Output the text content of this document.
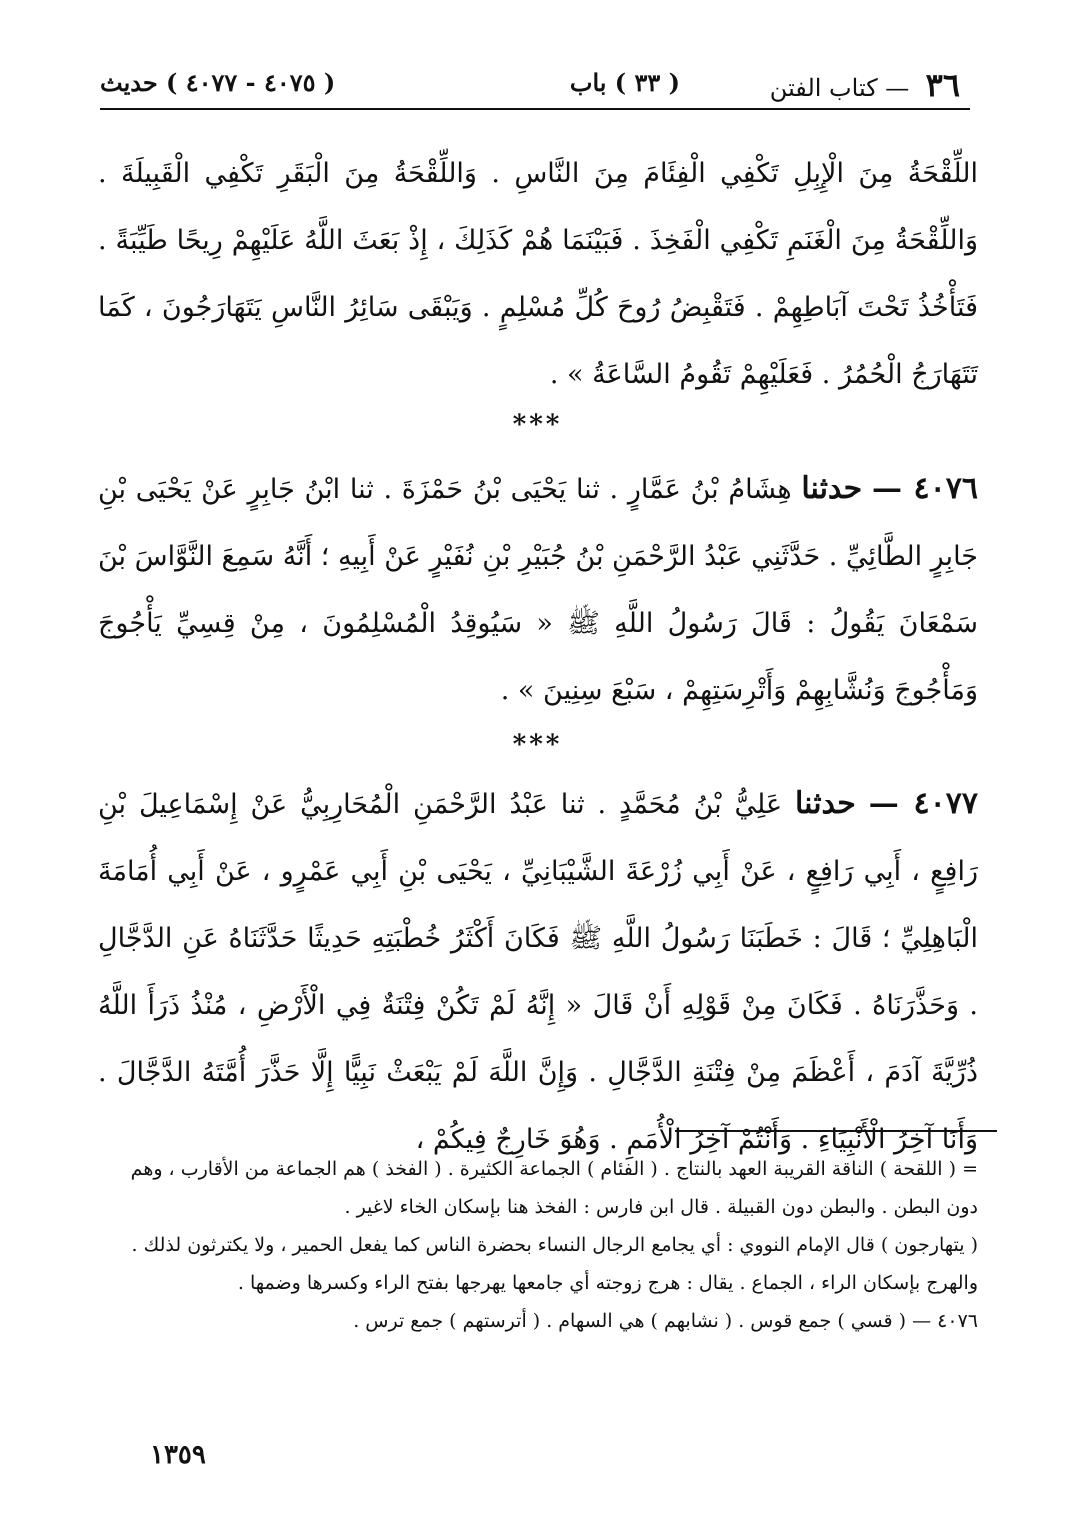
٣٦ — كتاب الفتن
( ٣٣ ) باب
( ٤٠٧٥ - ٤٠٧٧ ) حديث
اللِّقْحَةُ مِنَ الْإِبِلِ تَكْفِي الْفِئَامَ مِنَ النَّاسِ . وَاللِّقْحَةُ مِنَ الْبَقَرِ تَكْفِي الْقَبِيلَةَ . وَاللِّقْحَةُ مِنَ الْغَنَمِ تَكْفِي الْفَخِذَ . فَبَيْنَمَا هُمْ كَذَلِكَ ، إِذْ بَعَثَ اللَّهُ عَلَيْهِمْ رِيحًا طَيِّبَةً . فَتَأْخُذُ تَحْتَ آبَاطِهِمْ . فَتَقْبِضُ رُوحَ كُلِّ مُسْلِمٍ . وَيَبْقَى سَائِرُ النَّاسِ يَتَهَارَجُونَ ، كَمَا تَتَهَارَجُ الْحُمُرُ . فَعَلَيْهِمْ تَقُومُ السَّاعَةُ » .
***
٤٠٧٦ — حدثنا هِشَامُ بْنُ عَمَّارٍ . ثنا يَحْيَى بْنُ حَمْزَةَ . ثنا ابْنُ جَابِرٍ عَنْ يَحْيَى بْنِ جَابِرٍ الطَّائِيِّ . حَدَّثَنِي عَبْدُ الرَّحْمَنِ بْنُ جُبَيْرِ بْنِ نُفَيْرٍ عَنْ أَبِيهِ ؛ أَنَّهُ سَمِعَ النَّوَّاسَ بْنَ سَمْعَانَ يَقُولُ : قَالَ رَسُولُ اللَّهِ ﷺ « سَيُوقِدُ الْمُسْلِمُونَ ، مِنْ قِسِيِّ يَأْجُوجَ وَمَأْجُوجَ وَنُشَّابِهِمْ وَأَتْرِسَتِهِمْ ، سَبْعَ سِنِينَ » .
***
٤٠٧٧ — حدثنا عَلِيُّ بْنُ مُحَمَّدٍ . ثنا عَبْدُ الرَّحْمَنِ الْمُحَارِبِيُّ عَنْ إِسْمَاعِيلَ بْنِ رَافِعٍ ، أَبِي رَافِعٍ ، عَنْ أَبِي زُرْعَةَ الشَّيْبَانِيِّ ، يَحْيَى بْنِ أَبِي عَمْرٍو ، عَنْ أَبِي أُمَامَةَ الْبَاهِلِيِّ ؛ قَالَ : خَطَبَنَا رَسُولُ اللَّهِ ﷺ فَكَانَ أَكْثَرُ خُطْبَتِهِ حَدِيثًا حَدَّثَنَاهُ عَنِ الدَّجَّالِ . وَحَذَّرَنَاهُ . فَكَانَ مِنْ قَوْلِهِ أَنْ قَالَ « إِنَّهُ لَمْ تَكُنْ فِتْنَةٌ فِي الْأَرْضِ ، مُنْذُ ذَرَأَ اللَّهُ ذُرِّيَّةَ آدَمَ ، أَعْظَمَ مِنْ فِتْنَةِ الدَّجَّالِ . وَإِنَّ اللَّهَ لَمْ يَبْعَثْ نَبِيًّا إِلَّا حَذَّرَ أُمَّتَهُ الدَّجَّالَ . وَأَنَا آخِرُ الْأَنْبِيَاءِ . وَأَنْتُمْ آخِرُ الْأُمَمِ . وَهُوَ خَارِجٌ فِيكُمْ ،

= ( اللقحة ) الناقة القريبة العهد بالنتاج . ( الفئام ) الجماعة الكثيرة . ( الفخذ ) هم الجماعة من الأقارب ، وهم دون البطن . والبطن دون القبيلة . قال ابن فارس : الفخذ هنا بإسكان الخاء لاغير .

( يتهارجون ) قال الإمام النووي : أي يجامع الرجال النساء بحضرة الناس كما يفعل الحمير ، ولا يكترثون لذلك . والهرج بإسكان الراء ، الجماع . يقال : هرج زوجته أي جامعها يهرجها بفتح الراء وكسرها وضمها .

٤٠٧٦ — ( قسي ) جمع قوس . ( نشابهم ) هي السهام . ( أترستهم ) جمع ترس .

١٣٥٩
